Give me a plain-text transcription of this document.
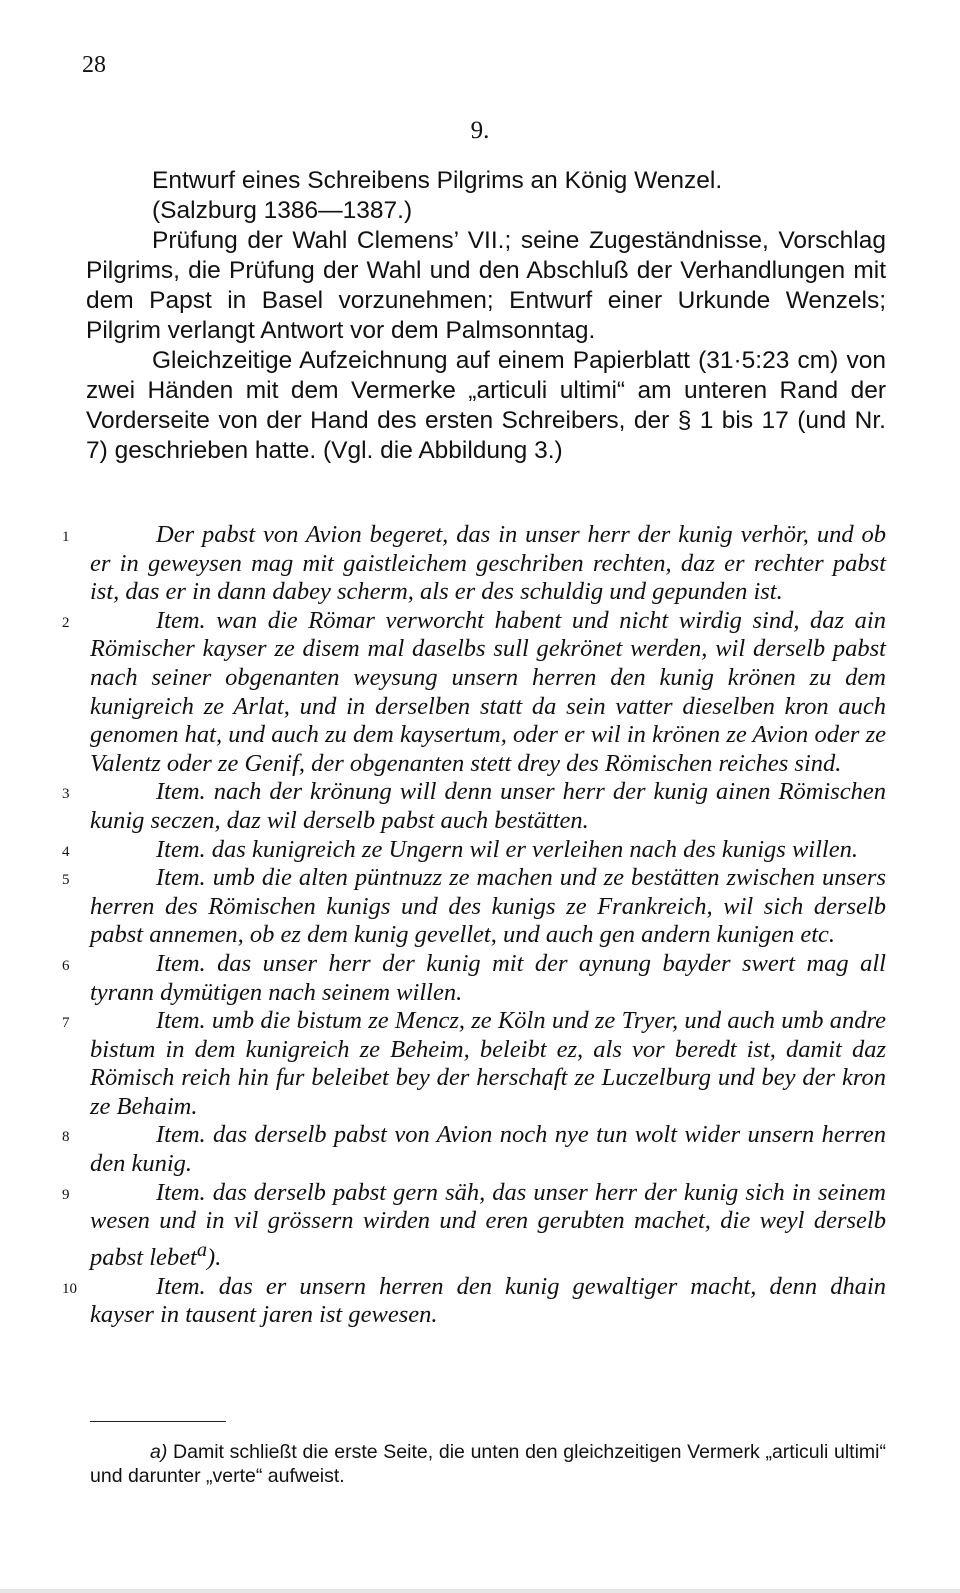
28
9.
Entwurf eines Schreibens Pilgrims an König Wenzel.
(Salzburg 1386—1387.)

Prüfung der Wahl Clemens’ VII.; seine Zugeständnisse, Vorschlag Pilgrims, die Prüfung der Wahl und den Abschluß der Verhandlungen mit dem Papst in Basel vorzunehmen; Entwurf einer Urkunde Wenzels; Pilgrim verlangt Antwort vor dem Palmsonntag.

Gleichzeitige Aufzeichnung auf einem Papierblatt (31·5:23 cm) von zwei Händen mit dem Vermerke „articuli ultimi“ am unteren Rand der Vorderseite von der Hand des ersten Schreibers, der § 1 bis 17 (und Nr. 7) geschrieben hatte. (Vgl. die Abbildung 3.)

1	Der pabst von Avion begeret, das in unser herr der kunig verhör, und ob er in geweysen mag mit gaistleichem geschriben rechten, daz er rechter pabst ist, das er in dann dabey scherm, als er des schuldig und gepunden ist.

2	Item. wan die Römar verworcht habent und nicht wirdig sind, daz ain Römischer kayser ze disem mal daselbs sull gekrönet werden, wil derselb pabst nach seiner obgenanten weysung unsern herren den kunig krönen zu dem kunigreich ze Arlat, und in derselben statt da sein vatter dieselben kron auch genomen hat, und auch zu dem kaysertum, oder er wil in krönen ze Avion oder ze Valentz oder ze Genif, der obgenanten stett drey des Römischen reiches sind.

3	Item. nach der krönung will denn unser herr der kunig ainen Römischen kunig seczen, daz wil derselb pabst auch bestätten.

4	Item. das kunigreich ze Ungern wil er verleihen nach des kunigs willen.

5	Item. umb die alten püntnuzz ze machen und ze bestätten zwischen unsers herren des Römischen kunigs und des kunigs ze Frankreich, wil sich derselb pabst annemen, ob ez dem kunig gevellet, und auch gen andern kunigen etc.

6	Item. das unser herr der kunig mit der aynung bayder swert mag all tyrann dymütigen nach seinem willen.

7	Item. umb die bistum ze Mencz, ze Köln und ze Tryer, und auch umb andre bistum in dem kunigreich ze Beheim, beleibt ez, als vor beredt ist, damit daz Römisch reich hin fur beleibet bey der herschaft ze Luczelburg und bey der kron ze Behaim.

8	Item. das derselb pabst von Avion noch nye tun wolt wider unsern herren den kunig.

9	Item. das derselb pabst gern säh, das unser herr der kunig sich in seinem wesen und in vil grössern wirden und eren gerubten machet, die weyl derselb pabst lebet$^a$).

10	Item. das er unsern herren den kunig gewaltiger macht, denn dhain kayser in tausent jaren ist gewesen.

a) Damit schließt die erste Seite, die unten den gleichzeitigen Vermerk „articuli ultimi“ und darunter „verte“ aufweist.
